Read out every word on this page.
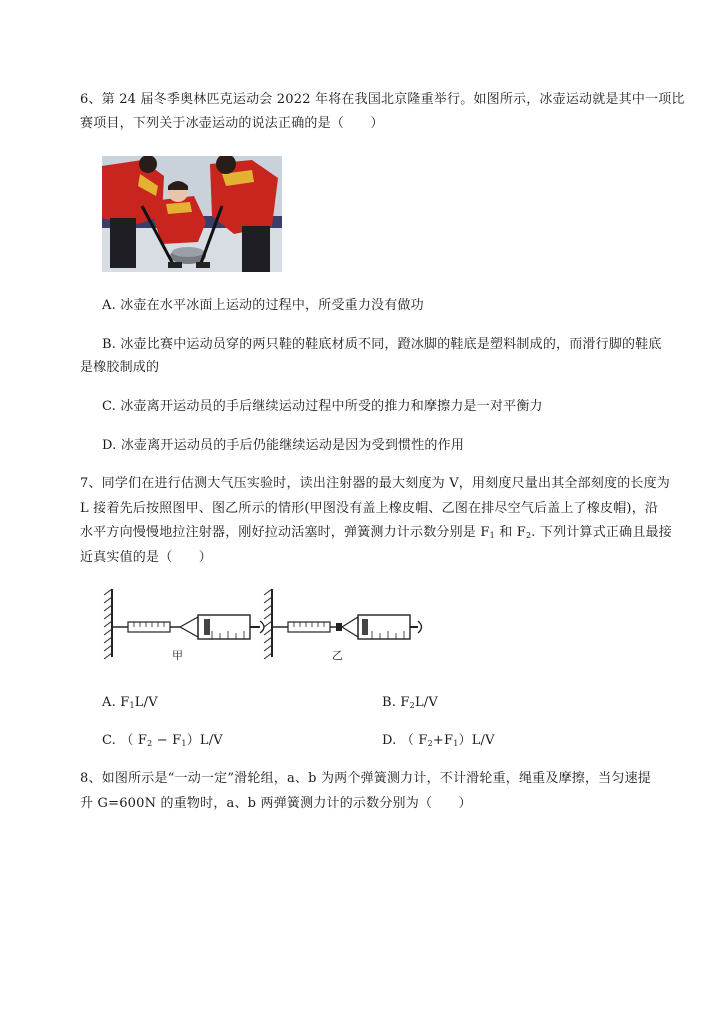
6、第 24 届冬季奥林匹克运动会 2022 年将在我国北京隆重举行。如图所示，冰壶运动就是其中一项比
赛项目，下列关于冰壶运动的说法正确的是（　　）
A. 冰壶在水平冰面上运动的过程中，所受重力没有做功
B. 冰壶比赛中运动员穿的两只鞋的鞋底材质不同，蹬冰脚的鞋底是塑料制成的，而滑行脚的鞋底
是橡胶制成的
C. 冰壶离开运动员的手后继续运动过程中所受的推力和摩擦力是一对平衡力
D. 冰壶离开运动员的手后仍能继续运动是因为受到惯性的作用
7、同学们在进行估测大气压实验时，读出注射器的最大刻度为 V，用刻度尺量出其全部刻度的长度为
L 接着先后按照图甲、图乙所示的情形(甲图没有盖上橡皮帽、乙图在排尽空气后盖上了橡皮帽)，沿
水平方向慢慢地拉注射器，刚好拉动活塞时，弹簧测力计示数分别是 $F_1$ 和 $F_2$. 下列计算式正确且最接
近真实值的是（　　）
甲	乙
A. $F_1L/V$	B. $F_2L/V$
C. （ $F_2 - F_1)L/V$	D. （ $F_2+F_1)L/V$
8、如图所示是“一动一定”滑轮组，a、b 为两个弹簧测力计，不计滑轮重，绳重及摩擦，当匀速提
升 G=600N 的重物时，a、b 两弹簧测力计的示数分别为（　　）
